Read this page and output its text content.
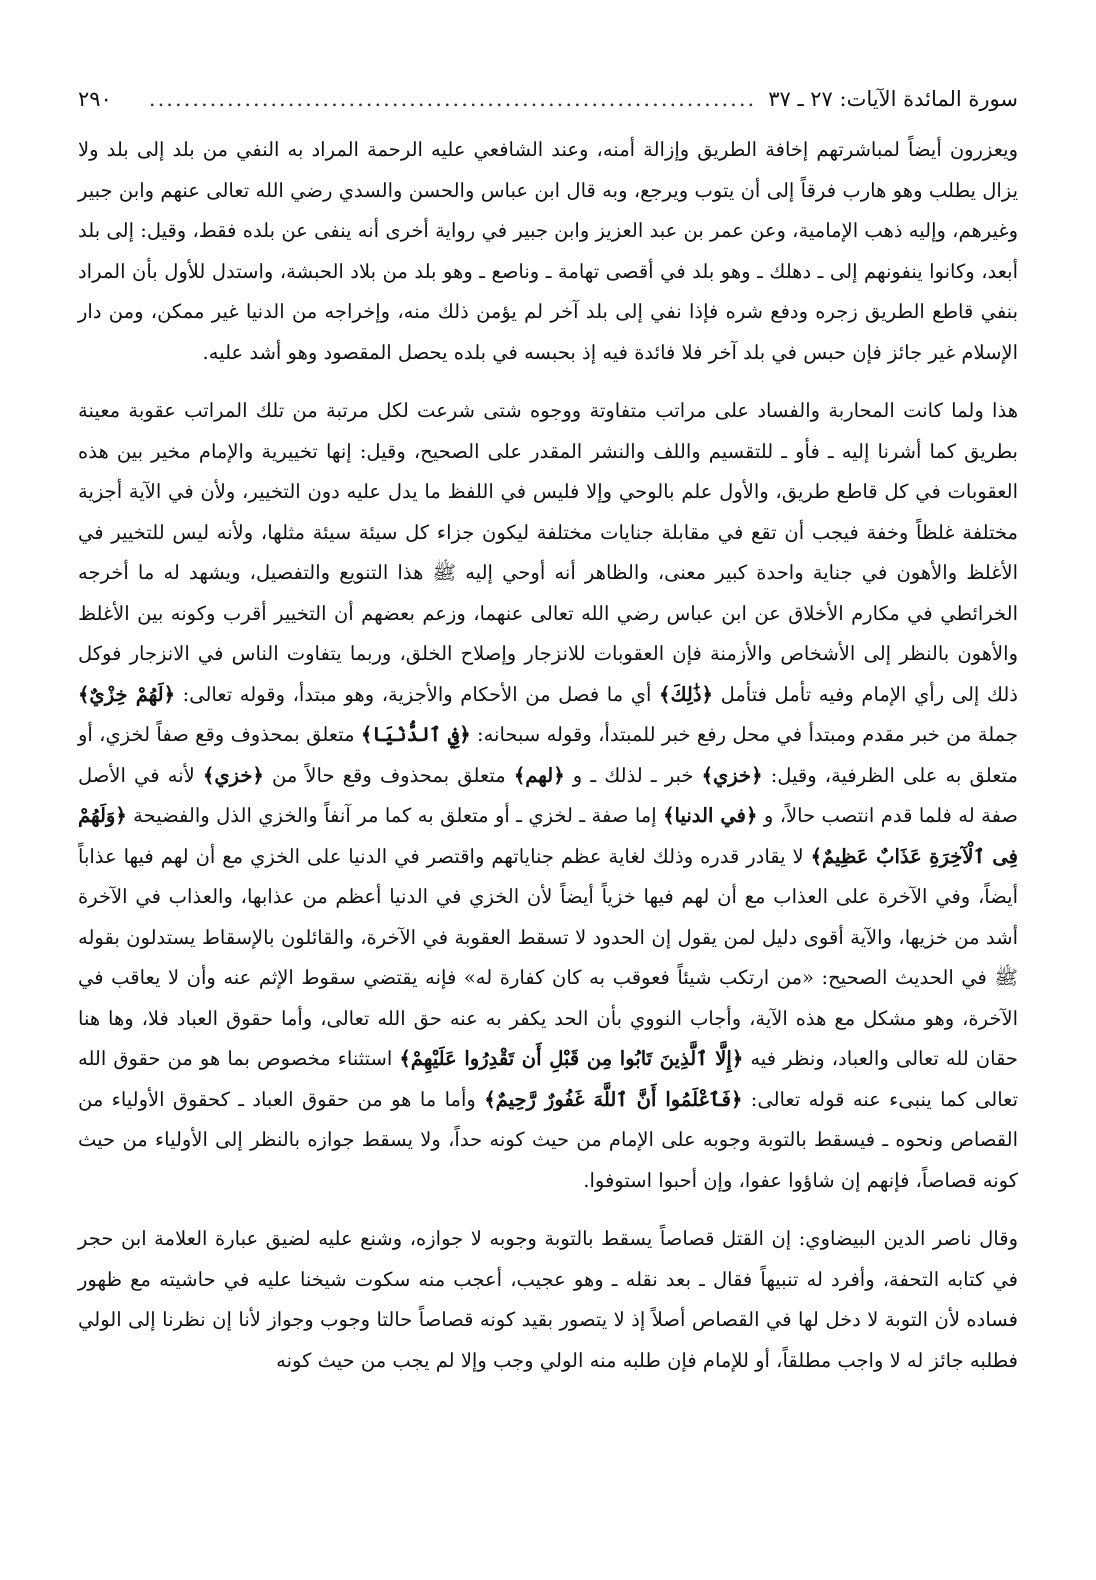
سورة المائدة الآيات: ٢٧ ـ ٣٧
......................................................................
٢٩٠

ويعزرون أيضاً لمباشرتهم إخافة الطريق وإزالة أمنه، وعند الشافعي عليه الرحمة المراد به النفي من بلد إلى بلد ولا يزال يطلب وهو هارب فرقاً إلى أن يتوب ويرجع، وبه قال ابن عباس والحسن والسدي رضي الله تعالى عنهم وابن جبير وغيرهم، وإليه ذهب الإمامية، وعن عمر بن عبد العزيز وابن جبير في رواية أخرى أنه ينفى عن بلده فقط، وقيل: إلى بلد أبعد، وكانوا ينفونهم إلى ـ دهلك ـ وهو بلد في أقصى تهامة ـ وناصع ـ وهو بلد من بلاد الحبشة، واستدل للأول بأن المراد بنفي قاطع الطريق زجره ودفع شره فإذا نفي إلى بلد آخر لم يؤمن ذلك منه، وإخراجه من الدنيا غير ممكن، ومن دار الإسلام غير جائز فإن حبس في بلد آخر فلا فائدة فيه إذ بحبسه في بلده يحصل المقصود وهو أشد عليه.

هذا ولما كانت المحاربة والفساد على مراتب متفاوتة ووجوه شتى شرعت لكل مرتبة من تلك المراتب عقوبة معينة بطريق كما أشرنا إليه ـ فأو ـ للتقسيم واللف والنشر المقدر على الصحيح، وقيل: إنها تخييرية والإمام مخير بين هذه العقوبات في كل قاطع طريق، والأول علم بالوحي وإلا فليس في اللفظ ما يدل عليه دون التخيير، ولأن في الآية أجزية مختلفة غلظاً وخفة فيجب أن تقع في مقابلة جنايات مختلفة ليكون جزاء كل سيئة سيئة مثلها، ولأنه ليس للتخيير في الأغلظ والأهون في جناية واحدة كبير معنى، والظاهر أنه أوحي إليه ﷺ هذا التنويع والتفصيل، ويشهد له ما أخرجه الخرائطي في مكارم الأخلاق عن ابن عباس رضي الله تعالى عنهما، وزعم بعضهم أن التخيير أقرب وكونه بين الأغلظ والأهون بالنظر إلى الأشخاص والأزمنة فإن العقوبات للانزجار وإصلاح الخلق، وربما يتفاوت الناس في الانزجار فوكل ذلك إلى رأي الإمام وفيه تأمل فتأمل ﴿ذَٰلِكَ﴾ أي ما فصل من الأحكام والأجزية، وهو مبتدأ، وقوله تعالى: ﴿لَهُمْ خِزْيٌ﴾ جملة من خبر مقدم ومبتدأ في محل رفع خبر للمبتدأ، وقوله سبحانه: ﴿فِي ٱلدُّنْيَا﴾ متعلق بمحذوف وقع صفاً لخزي، أو متعلق به على الظرفية، وقيل: ﴿خزي﴾ خبر ـ لذلك ـ و ﴿لهم﴾ متعلق بمحذوف وقع حالاً من ﴿خزي﴾ لأنه في الأصل صفة له فلما قدم انتصب حالاً، و ﴿في الدنيا﴾ إما صفة ـ لخزي ـ أو متعلق به كما مر آنفاً والخزي الذل والفضيحة ﴿وَلَهُمْ فِى ٱلْآخِرَةِ عَذَابٌ عَظِيمٌ﴾ لا يقادر قدره وذلك لغاية عظم جناياتهم واقتصر في الدنيا على الخزي مع أن لهم فيها عذاباً أيضاً، وفي الآخرة على العذاب مع أن لهم فيها خزياً أيضاً لأن الخزي في الدنيا أعظم من عذابها، والعذاب في الآخرة أشد من خزيها، والآية أقوى دليل لمن يقول إن الحدود لا تسقط العقوبة في الآخرة، والقائلون بالإسقاط يستدلون بقوله ﷺ في الحديث الصحيح: «من ارتكب شيئاً فعوقب به كان كفارة له» فإنه يقتضي سقوط الإثم عنه وأن لا يعاقب في الآخرة، وهو مشكل مع هذه الآية، وأجاب النووي بأن الحد يكفر به عنه حق الله تعالى، وأما حقوق العباد فلا، وها هنا حقان لله تعالى والعباد، ونظر فيه ﴿إِلَّا ٱلَّذِينَ تَابُوا مِن قَبْلِ أَن تَقْدِرُوا عَلَيْهِمْ﴾ استثناء مخصوص بما هو من حقوق الله تعالى كما ينبىء عنه قوله تعالى: ﴿فَٱعْلَمُوا أَنَّ ٱللَّهَ غَفُورٌ رَّحِيمٌ﴾ وأما ما هو من حقوق العباد ـ كحقوق الأولياء من القصاص ونحوه ـ فيسقط بالتوبة وجوبه على الإمام من حيث كونه حداً، ولا يسقط جوازه بالنظر إلى الأولياء من حيث كونه قصاصاً، فإنهم إن شاؤوا عفوا، وإن أحبوا استوفوا.

وقال ناصر الدين البيضاوي: إن القتل قصاصاً يسقط بالتوبة وجوبه لا جوازه، وشنع عليه لضيق عبارة العلامة ابن حجر في كتابه التحفة، وأفرد له تنبيهاً فقال ـ بعد نقله ـ وهو عجيب، أعجب منه سكوت شيخنا عليه في حاشيته مع ظهور فساده لأن التوبة لا دخل لها في القصاص أصلاً إذ لا يتصور بقيد كونه قصاصاً حالتا وجوب وجواز لأنا إن نظرنا إلى الولي فطلبه جائز له لا واجب مطلقاً، أو للإمام فإن طلبه منه الولي وجب وإلا لم يجب من حيث كونه
